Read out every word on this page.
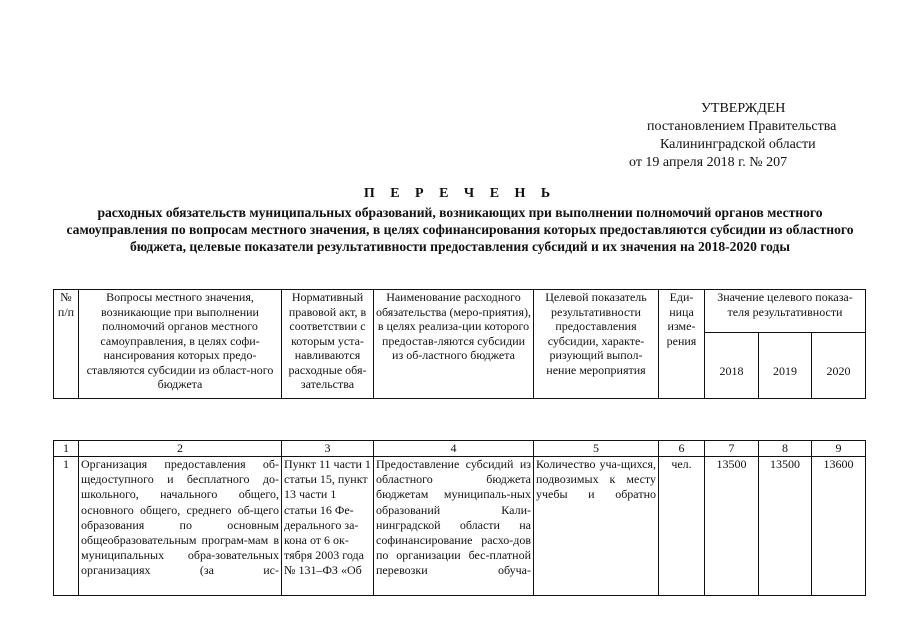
УТВЕРЖДЕН
постановлением Правительства
Калининградской области
от 19 апреля 2018 г. № 207

П Е Р Е Ч Е Н Ь

расходных обязательств муниципальных образований, возникающих при выполнении полномочий органов местного самоуправления по вопросам местного значения, в целях софинансирования которых предоставляются субсидии из областного бюджета, целевые показатели результативности предоставления субсидий и их значения на 2018-2020 годы

№ п/п	Вопросы местного значения, возникающие при выполнении полномочий органов местного самоуправления, в целях софи-нансирования которых предо-ставляются субсидии из област-ного бюджета	Нормативный правовой акт, в соответствии с которым уста-навливаются расходные обя-зательства	Наименование расходного обязательства (меро-приятия), в целях реализа-ции которого предостав-ляются субсидии из об-ластного бюджета	Целевой показатель результативности предоставления субсидии, характе-ризующий выпол-нение мероприятия	Еди-ница изме-рения	Значение целевого показа-теля результативности		
						2018	2019	2020
1	2	3	4	5	6	7	8	9
1	Организация предоставления об-щедоступного и бесплатного до-школьного, начального общего, основного общего, среднего об-щего образования по основным общеобразовательным програм-мам в муниципальных обра-зовательных организациях (за ис-	Пункт 11 части 1 статьи 15, пункт 13 части 1 статьи 16 Фе-дерального за-кона от 6 ок-тября 2003 года № 131–ФЗ «Об	Предоставление субсидий из областного бюджета бюджетам муниципаль-ных образований Кали-нинградской области на софинансирование расхо-дов по организации бес-платной перевозки обуча-	Количество уча-щихся, подвозимых к месту учебы и обратно	чел.	13500	13500	13600
